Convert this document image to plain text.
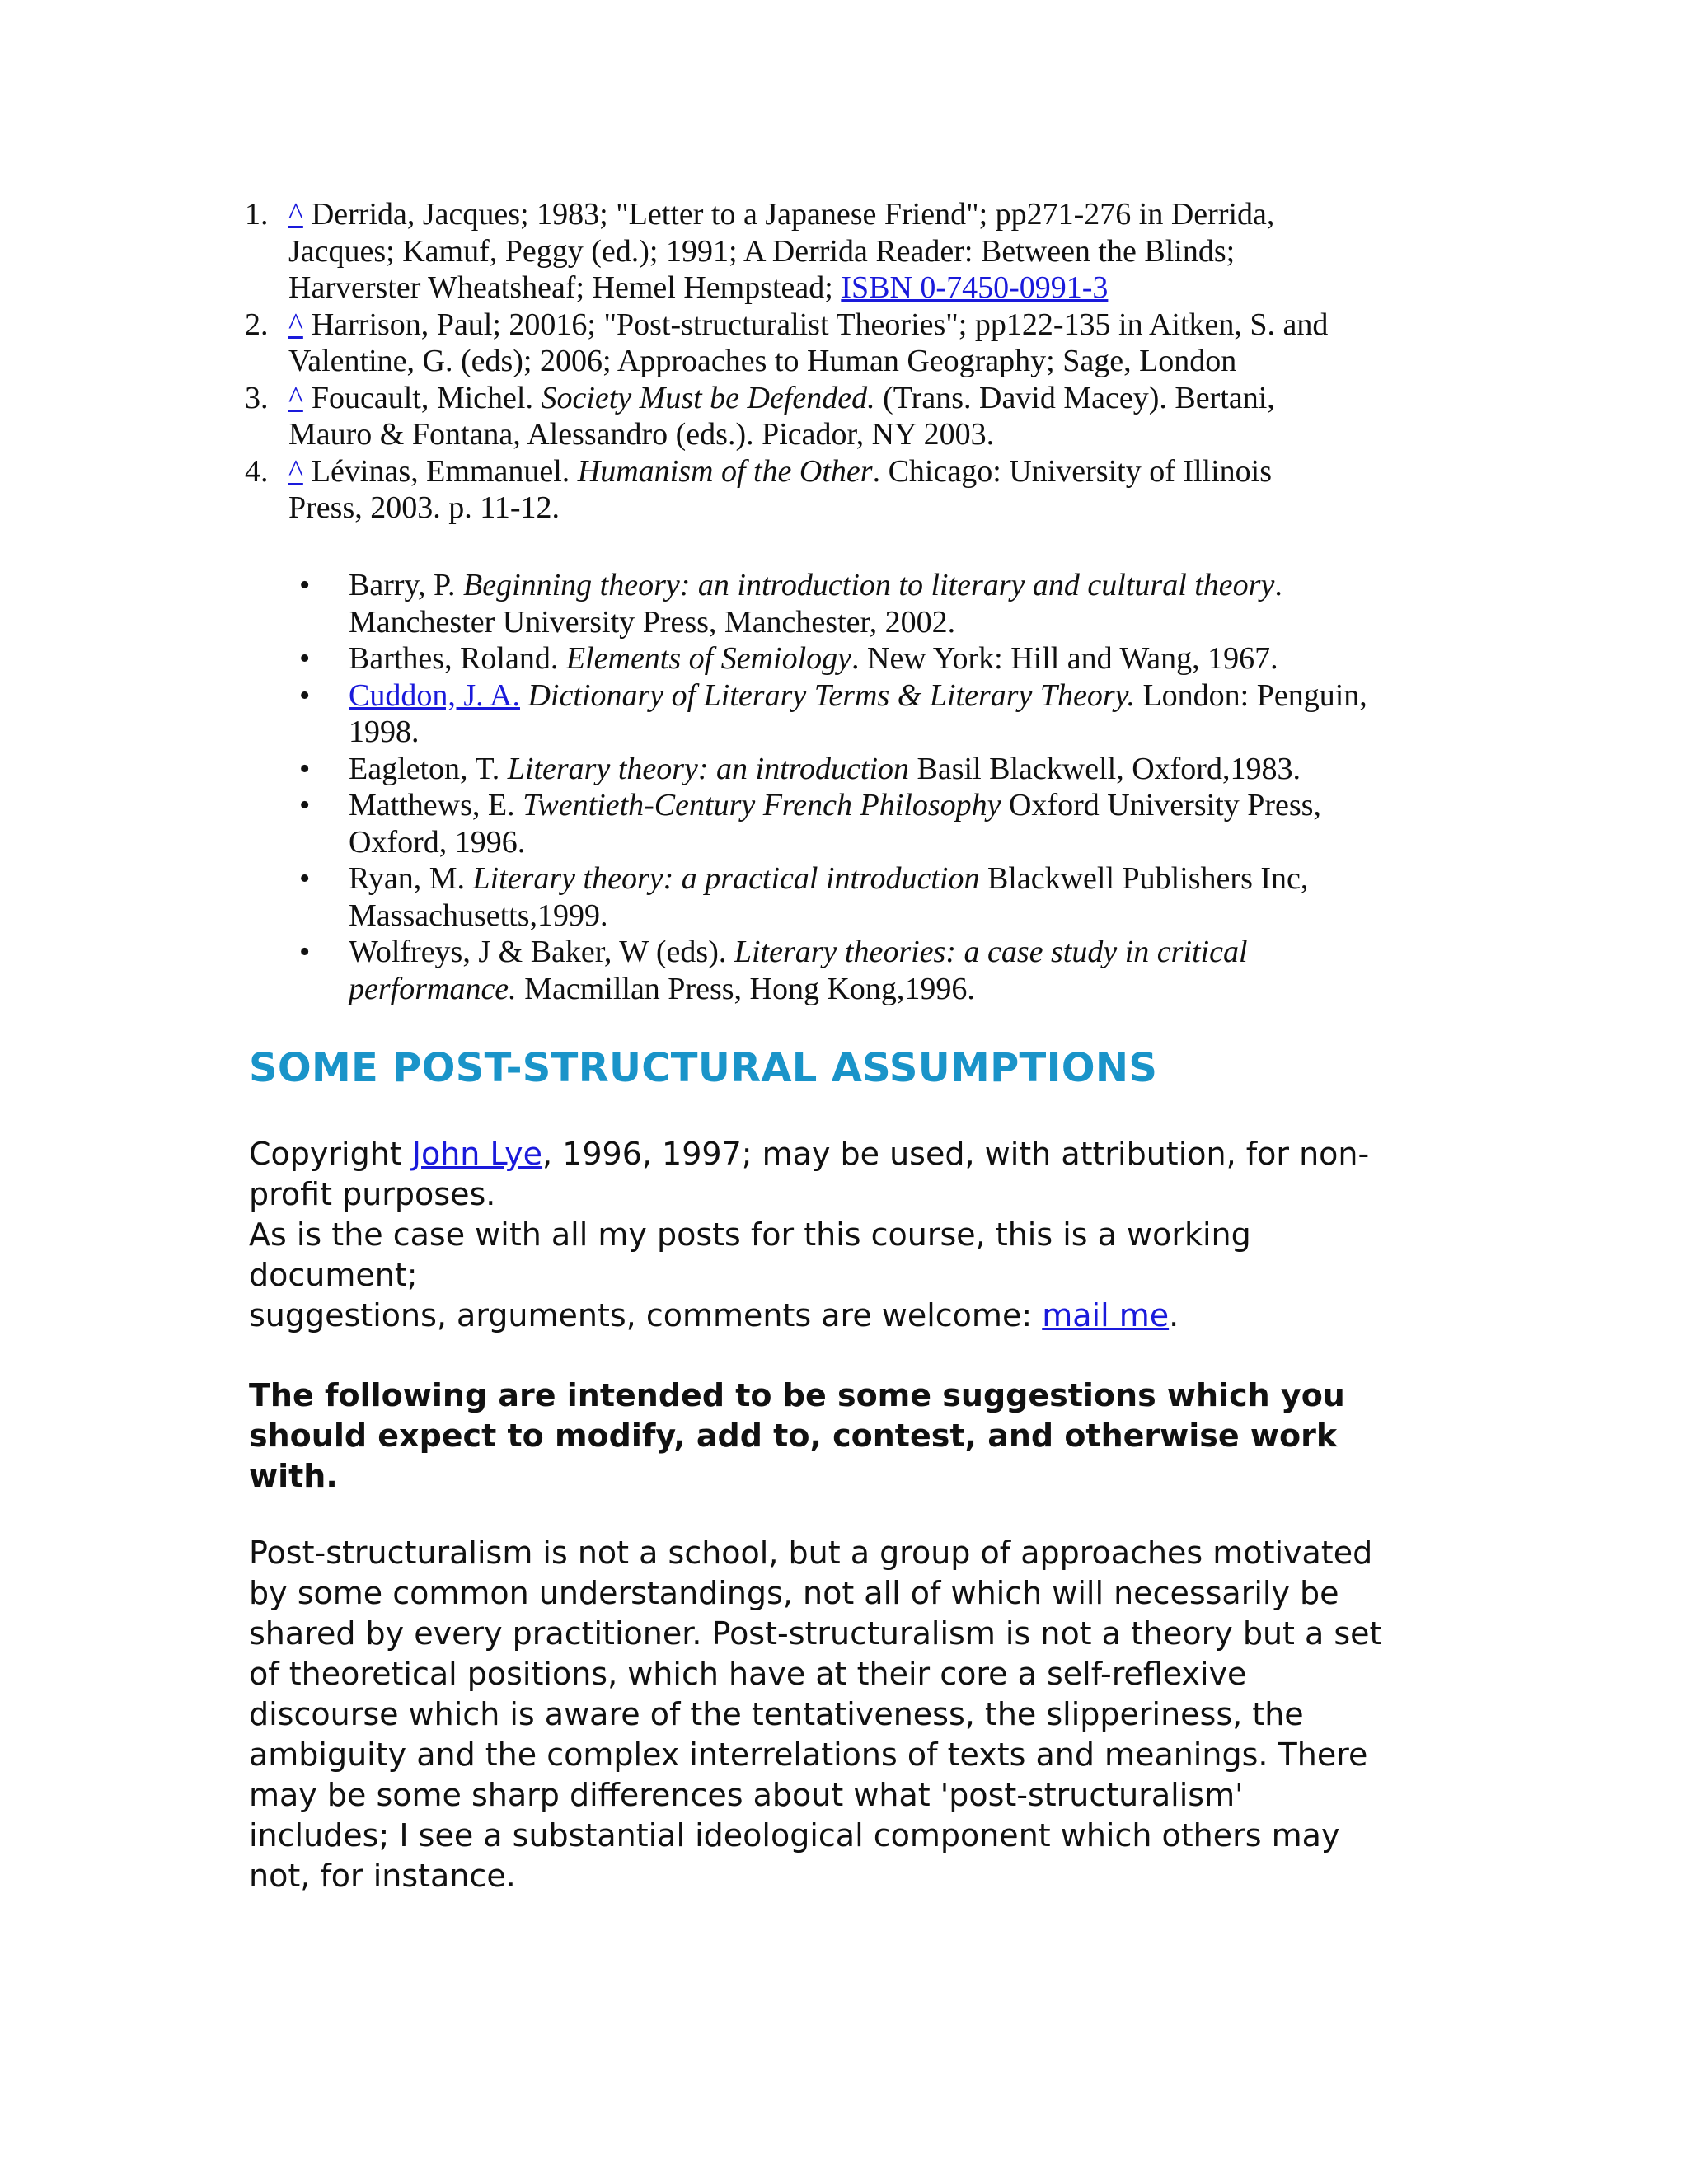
1. ^ Derrida, Jacques; 1983; "Letter to a Japanese Friend"; pp271-276 in Derrida,
Jacques; Kamuf, Peggy (ed.); 1991; A Derrida Reader: Between the Blinds;
Harverster Wheatsheaf; Hemel Hempstead; ISBN 0-7450-0991-3
2. ^ Harrison, Paul; 20016; "Post-structuralist Theories"; pp122-135 in Aitken, S. and
Valentine, G. (eds); 2006; Approaches to Human Geography; Sage, London
3. ^ Foucault, Michel. Society Must be Defended. (Trans. David Macey). Bertani,
Mauro & Fontana, Alessandro (eds.). Picador, NY 2003.
4. ^ Lévinas, Emmanuel. Humanism of the Other. Chicago: University of Illinois
Press, 2003. p. 11-12.
• Barry, P. Beginning theory: an introduction to literary and cultural theory.
Manchester University Press, Manchester, 2002.
• Barthes, Roland. Elements of Semiology. New York: Hill and Wang, 1967.
• Cuddon, J. A. Dictionary of Literary Terms & Literary Theory. London: Penguin,
1998.
• Eagleton, T. Literary theory: an introduction Basil Blackwell, Oxford,1983.
• Matthews, E. Twentieth-Century French Philosophy Oxford University Press,
Oxford, 1996.
• Ryan, M. Literary theory: a practical introduction Blackwell Publishers Inc,
Massachusetts,1999.
• Wolfreys, J & Baker, W (eds). Literary theories: a case study in critical
performance. Macmillan Press, Hong Kong,1996.
SOME POST-STRUCTURAL ASSUMPTIONS

Copyright John Lye, 1996, 1997; may be used, with attribution, for non-
profit purposes.
As is the case with all my posts for this course, this is a working
document;
suggestions, arguments, comments are welcome: mail me.

The following are intended to be some suggestions which you
should expect to modify, add to, contest, and otherwise work
with.

Post-structuralism is not a school, but a group of approaches motivated
by some common understandings, not all of which will necessarily be
shared by every practitioner. Post-structuralism is not a theory but a set
of theoretical positions, which have at their core a self-reflexive
discourse which is aware of the tentativeness, the slipperiness, the
ambiguity and the complex interrelations of texts and meanings. There
may be some sharp differences about what 'post-structuralism'
includes; I see a substantial ideological component which others may
not, for instance.
